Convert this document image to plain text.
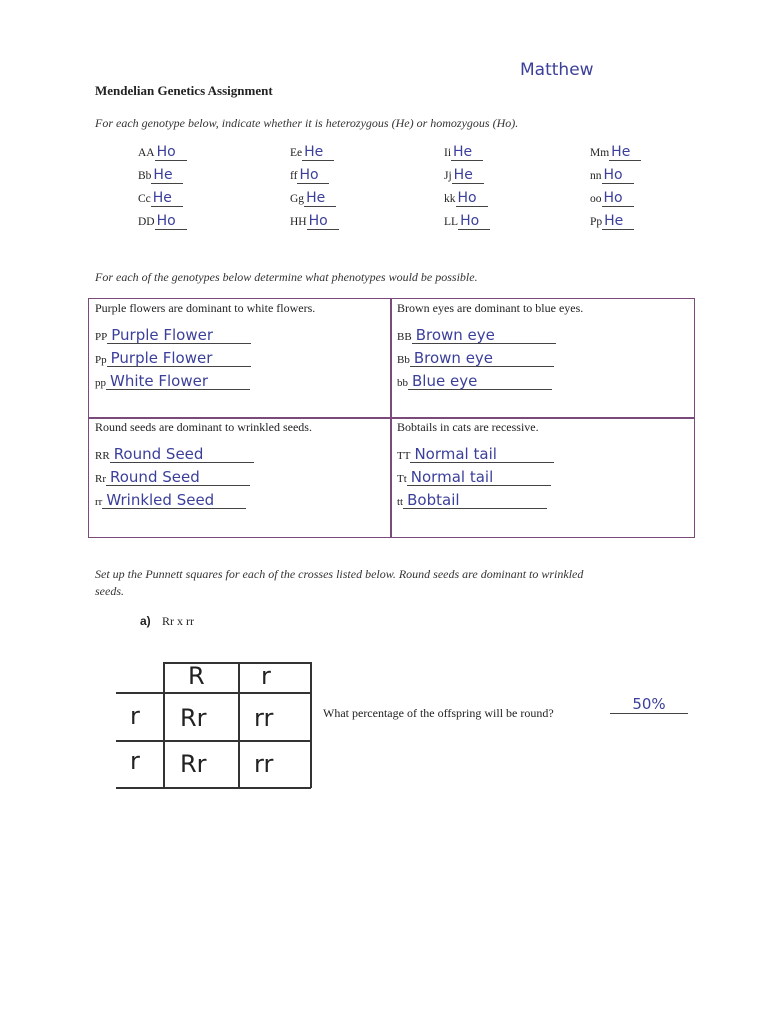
Matthew
Mendelian Genetics Assignment
For each genotype below, indicate whether it is heterozygous (He) or homozygous (Ho).
AA Ho
Bb He
Cc He
DD Ho
Ee He
ff Ho
Gg He
HH Ho
Ii He
Jj He
kk Ho
LL Ho
Mm He
nn Ho
oo Ho
Pp He
For each of the genotypes below determine what phenotypes would be possible.
Purple flowers are dominant to white flowers.
PP Purple Flower
Pp Purple Flower
pp White Flower
Brown eyes are dominant to blue eyes.
BB Brown eye
Bb Brown eye
bb Blue eye
Round seeds are dominant to wrinkled seeds.
RR Round Seed
Rr Round Seed
rr Wrinkled Seed
Bobtails in cats are recessive.
TT Normal tail
Tt Normal tail
tt Bobtail
Set up the Punnett squares for each of the crosses listed below. Round seeds are dominant to wrinkled
seeds.
a) Rr x rr
R r
r
r
Rr rr
Rr rr
What percentage of the offspring will be round?	50%
